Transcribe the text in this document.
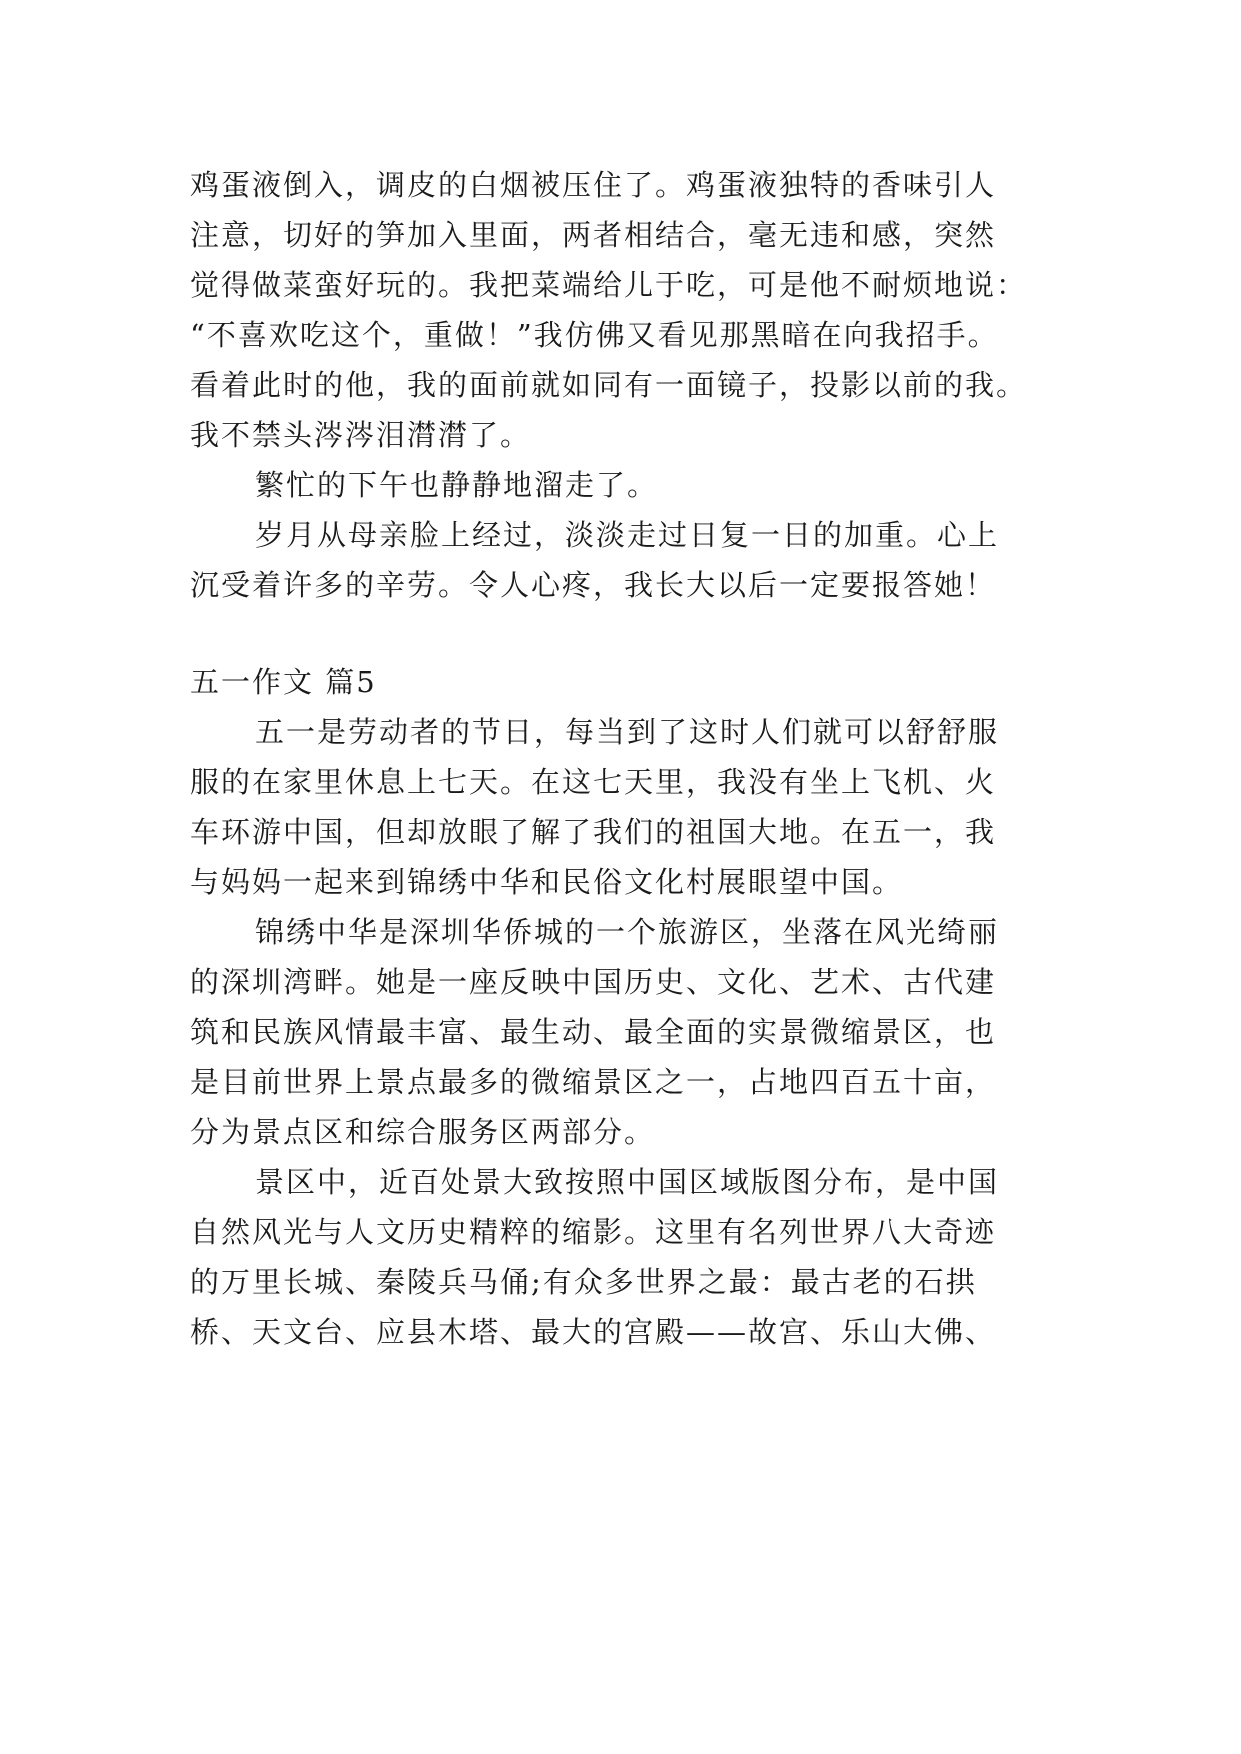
鸡蛋液倒入，调皮的白烟被压住了。鸡蛋液独特的香味引人
注意，切好的笋加入里面，两者相结合，毫无违和感，突然
觉得做菜蛮好玩的。我把菜端给儿于吃，可是他不耐烦地说：
“不喜欢吃这个，重做！”我仿佛又看见那黑暗在向我招手。
看着此时的他，我的面前就如同有一面镜子，投影以前的我。
我不禁头涔涔泪潸潸了。
繁忙的下午也静静地溜走了。
岁月从母亲脸上经过，淡淡走过日复一日的加重。心上
沉受着许多的辛劳。令人心疼，我长大以后一定要报答她！
五一作文 篇5
五一是劳动者的节日，每当到了这时人们就可以舒舒服
服的在家里休息上七天。在这七天里，我没有坐上飞机、火
车环游中国，但却放眼了解了我们的祖国大地。在五一，我
与妈妈一起来到锦绣中华和民俗文化村展眼望中国。
锦绣中华是深圳华侨城的一个旅游区，坐落在风光绮丽
的深圳湾畔。她是一座反映中国历史、文化、艺术、古代建
筑和民族风情最丰富、最生动、最全面的实景微缩景区，也
是目前世界上景点最多的微缩景区之一，占地四百五十亩，
分为景点区和综合服务区两部分。
景区中，近百处景大致按照中国区域版图分布，是中国
自然风光与人文历史精粹的缩影。这里有名列世界八大奇迹
的万里长城、秦陵兵马俑;有众多世界之最：最古老的石拱
桥、天文台、应县木塔、最大的宫殿——故宫、乐山大佛、
